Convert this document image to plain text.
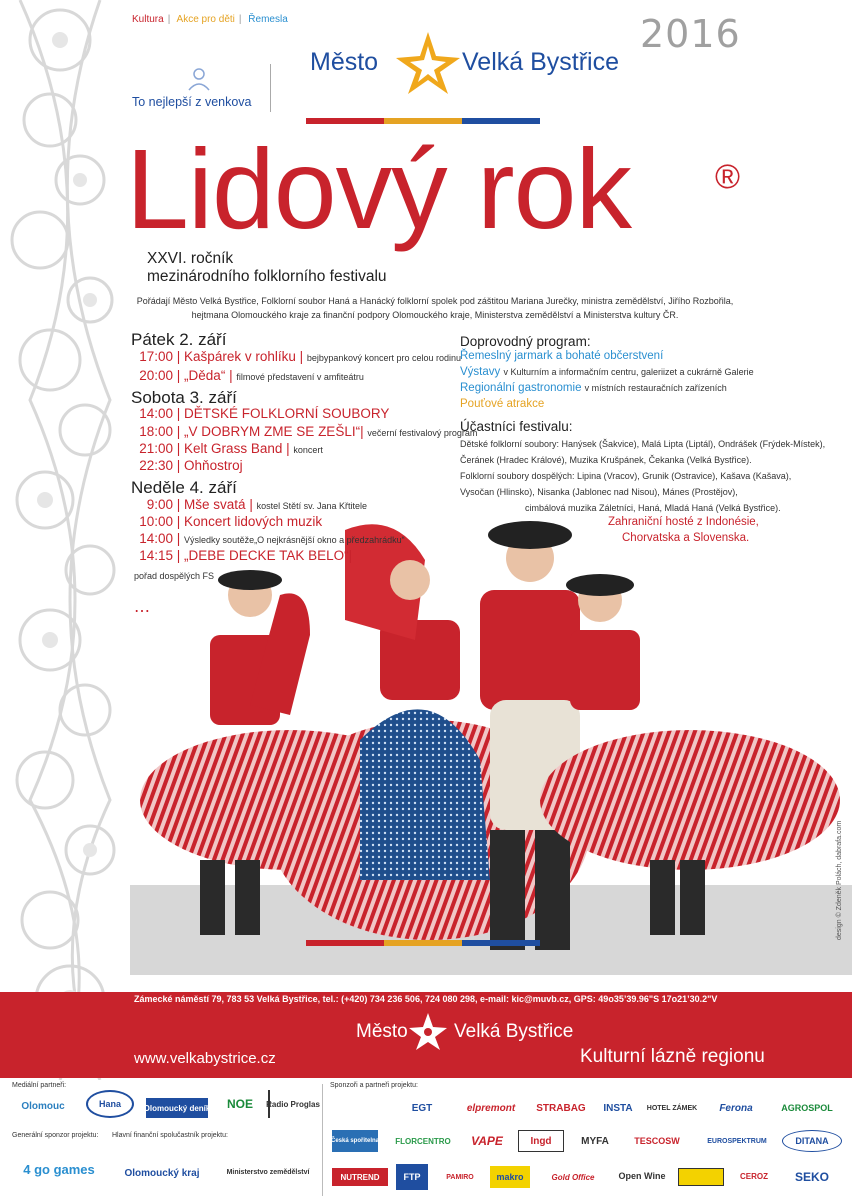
Kultura | Akce pro děti | Řemesla	2016
To nejlepší z venkova
Město	Velká Bystřice
Lidový rok ®
XXVI. ročník
mezinárodního folklorního festivalu
Pořádají Město Velká Bystřice, Folklorní soubor Haná a Hanácký folklorní spolek pod záštitou Mariana Jurečky, ministra zemědělství, Jiřího Rozbořila, hejtmana Olomouckého kraje za finanční podpory Olomouckého kraje, Ministerstva zemědělství a Ministerstva kultury ČR.
design © Zdeněk Polách, dabrafa.com
Pátek 2. září
17:00 | Kašpárek v rohlíku | bejbypankový koncert pro celou rodinu
20:00 | „Děda“ | filmové představení v amfiteátru
Sobota 3. září
14:00 | DĚTSKÉ FOLKLORNÍ SOUBORY
18:00 | „V DOBRYM ZME SE ZEŠLI“| večerní festivalový program
21:00 | Kelt Grass Band | koncert
22:30 | Ohňostroj
Neděle 4. září
9:00 | Mše svatá | kostel Stětí sv. Jana Křtitele
10:00 | Koncert lidových muzik
14:00 | Výsledky soutěže„O nejkrásnější okno a předzahrádku“
14:15 | „DEBE DECKE TAK BELO“|
pořad dospělých FS
…
Doprovodný program:
Řemeslný jarmark a bohaté občerstvení
Výstavy v Kulturním a informačním centru, galeriizet a cukrárně Galerie
Regionální gastronomie v místních restauračních zařízeních
Pouťové atrakce
Účastníci festivalu:
Dětské folklorní soubory: Hanýsek (Šakvice), Malá Lipta (Liptál), Ondrášek (Frýdek-Místek),
Čeránek (Hradec Králové), Muzika Krušpánek, Čekanka (Velká Bystřice).
Folklorní soubory dospělých: Lipina (Vracov), Grunik (Ostravice), Kašava (Kašava),
Vysočan (Hlinsko), Nisanka (Jablonec nad Nisou), Mánes (Prostějov),
cimbálová muzika Záletníci, Haná, Mladá Haná (Velká Bystřice).
Zahraniční hosté z Indonésie,
Chorvatska a Slovenska.
Kulturní a informační centrum Velká Bystřice
Zámecké náměstí 79, 783 53 Velká Bystřice, tel.: (+420) 734 236 506, 724 080 298, e-mail: kic@muvb.cz, GPS: 49o35’39.96"S 17o21’30.2"V
Město Velká Bystřice
www.velkabystrice.cz	Kulturní lázně regionu
Mediální partneři:
Olomouc	Hana	Olomoucký deník	NOE	Radio Proglas
Generální sponzor projektu:
4 go games
Hlavní finanční spolučastník projektu:
Olomoucký kraj	Ministerstvo zemědělství
Sponzoři a partneři projektu:
EGT	elpremont	STRABAG	INSTA	HOTEL ZÁMEK	Ferona	AGROSPOL
Česká spořitelna	FLORCENTRO	VAPE	Ingd	MYFA	TESCOSW	EUROSPEKTRUM	DITANA
NUTREND	FTP	PAMIRO	makro	Gold Office	Open Wine	CEROZ	SEKO
